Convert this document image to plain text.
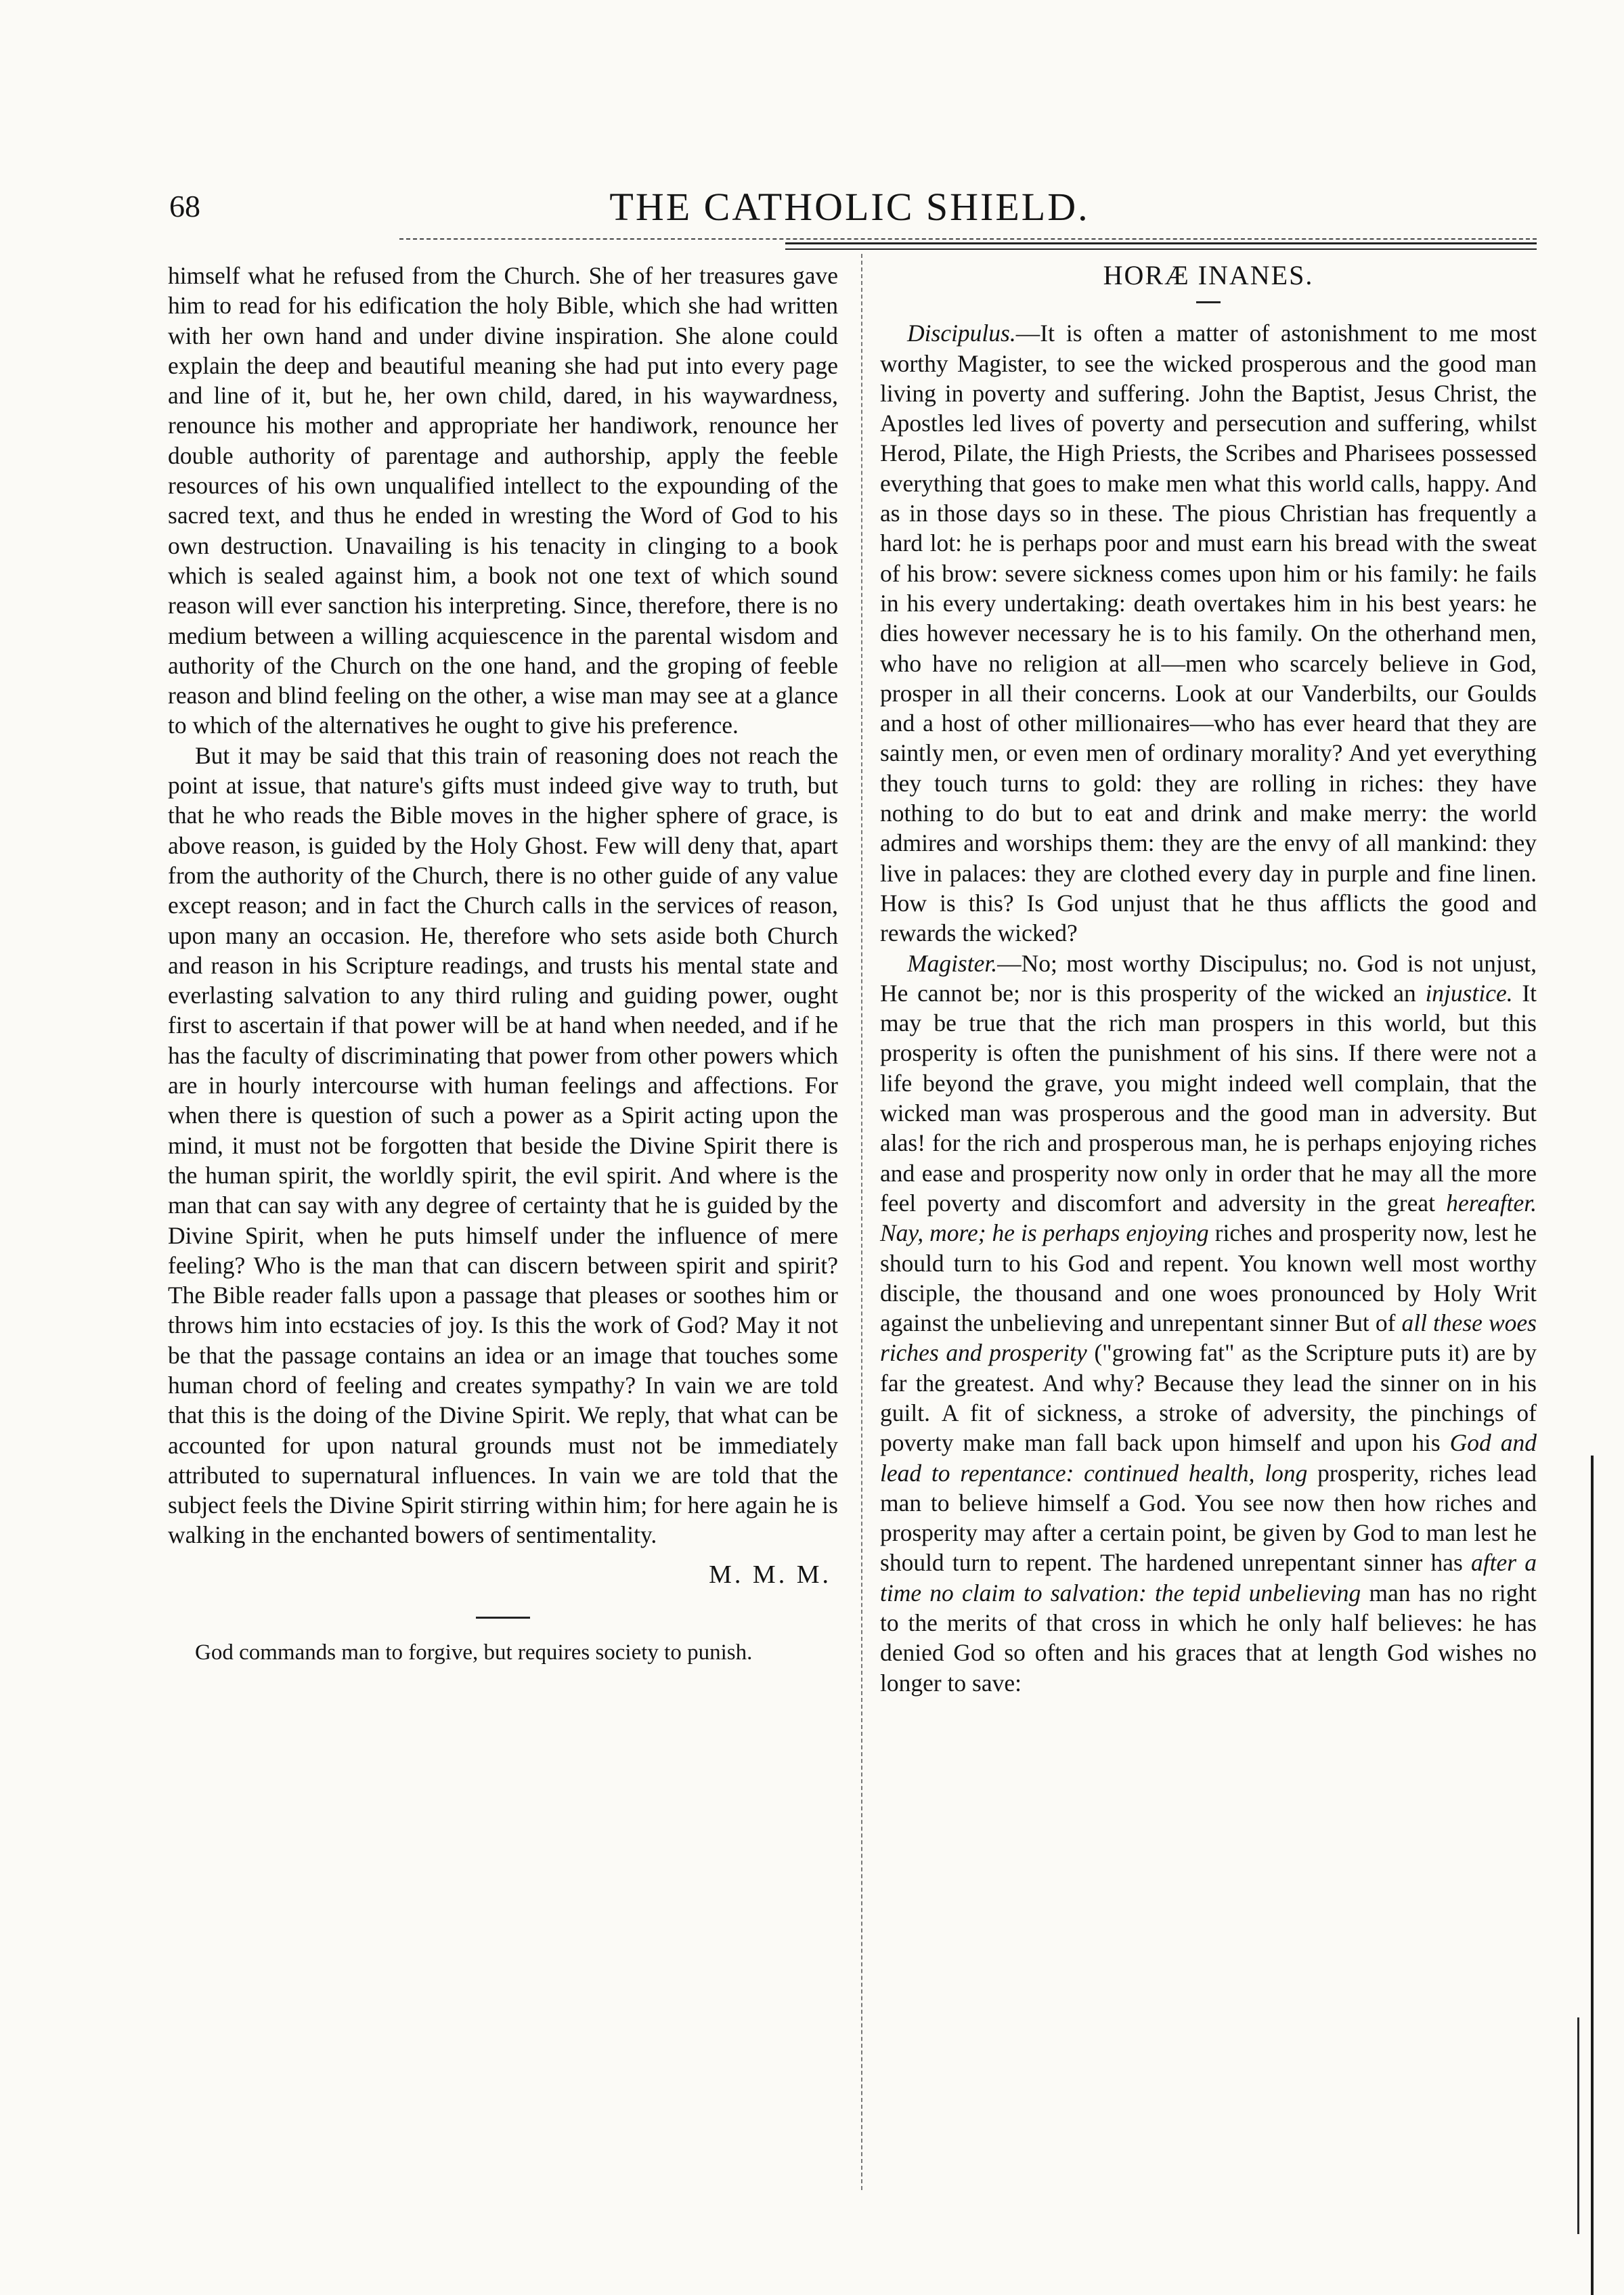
68	THE CATHOLIC SHIELD.

himself what he refused from the Church. She of her treasures gave him to read for his edification the holy Bible, which she had written with her own hand and under divine inspiration. She alone could explain the deep and beautiful meaning she had put into every page and line of it, but he, her own child, dared, in his waywardness, renounce his mother and appropriate her handiwork, renounce her double authority of parentage and authorship, apply the feeble resources of his own unqualified intellect to the expounding of the sacred text, and thus he ended in wresting the Word of God to his own destruction. Unavailing is his tenacity in clinging to a book which is sealed against him, a book not one text of which sound reason will ever sanction his interpreting. Since, therefore, there is no medium between a willing acquiescence in the parental wisdom and authority of the Church on the one hand, and the groping of feeble reason and blind feeling on the other, a wise man may see at a glance to which of the alternatives he ought to give his preference.

But it may be said that this train of reasoning does not reach the point at issue, that nature's gifts must indeed give way to truth, but that he who reads the Bible moves in the higher sphere of grace, is above reason, is guided by the Holy Ghost. Few will deny that, apart from the authority of the Church, there is no other guide of any value except reason; and in fact the Church calls in the services of reason, upon many an occasion. He, therefore who sets aside both Church and reason in his Scripture readings, and trusts his mental state and everlasting salvation to any third ruling and guiding power, ought first to ascertain if that power will be at hand when needed, and if he has the faculty of discriminating that power from other powers which are in hourly intercourse with human feelings and affections. For when there is question of such a power as a Spirit acting upon the mind, it must not be forgotten that beside the Divine Spirit there is the human spirit, the worldly spirit, the evil spirit. And where is the man that can say with any degree of certainty that he is guided by the Divine Spirit, when he puts himself under the influence of mere feeling? Who is the man that can discern between spirit and spirit? The Bible reader falls upon a passage that pleases or soothes him or throws him into ecstacies of joy. Is this the work of God? May it not be that the passage contains an idea or an image that touches some human chord of feeling and creates sympathy? In vain we are told that this is the doing of the Divine Spirit. We reply, that what can be accounted for upon natural grounds must not be immediately attributed to supernatural influences. In vain we are told that the subject feels the Divine Spirit stirring within him; for here again he is walking in the enchanted bowers of sentimentality.

M. M. M.

God commands man to forgive, but requires society to punish.

HORÆ INANES.

Discipulus.—It is often a matter of astonishment to me most worthy Magister, to see the wicked prosperous and the good man living in poverty and suffering. John the Baptist, Jesus Christ, the Apostles led lives of poverty and persecution and suffering, whilst Herod, Pilate, the High Priests, the Scribes and Pharisees possessed everything that goes to make men what this world calls, happy. And as in those days so in these. The pious Christian has frequently a hard lot: he is perhaps poor and must earn his bread with the sweat of his brow: severe sickness comes upon him or his family: he fails in his every undertaking: death overtakes him in his best years: he dies however necessary he is to his family. On the otherhand men, who have no religion at all—men who scarcely believe in God, prosper in all their concerns. Look at our Vanderbilts, our Goulds and a host of other millionaires—who has ever heard that they are saintly men, or even men of ordinary morality? And yet everything they touch turns to gold: they are rolling in riches: they have nothing to do but to eat and drink and make merry: the world admires and worships them: they are the envy of all mankind: they live in palaces: they are clothed every day in purple and fine linen. How is this? Is God unjust that he thus afflicts the good and rewards the wicked?

Magister.—No; most worthy Discipulus; no. God is not unjust, He cannot be; nor is this prosperity of the wicked an injustice. It may be true that the rich man prospers in this world, but this prosperity is often the punishment of his sins. If there were not a life beyond the grave, you might indeed well complain, that the wicked man was prosperous and the good man in adversity. But alas! for the rich and prosperous man, he is perhaps enjoying riches and ease and prosperity now only in order that he may all the more feel poverty and discomfort and adversity in the great hereafter. Nay, more; he is perhaps enjoying riches and prosperity now, lest he should turn to his God and repent. You known well most worthy disciple, the thousand and one woes pronounced by Holy Writ against the unbelieving and unrepentant sinner But of all these woes riches and prosperity ("growing fat" as the Scripture puts it) are by far the greatest. And why? Because they lead the sinner on in his guilt. A fit of sickness, a stroke of adversity, the pinchings of poverty make man fall back upon himself and upon his God and lead to repentance: continued health, long prosperity, riches lead man to believe himself a God. You see now then how riches and prosperity may after a certain point, be given by God to man lest he should turn to repent. The hardened unrepentant sinner has after a time no claim to salvation: the tepid unbelieving man has no right to the merits of that cross in which he only half believes: he has denied God so often and his graces that at length God wishes no longer to save:
